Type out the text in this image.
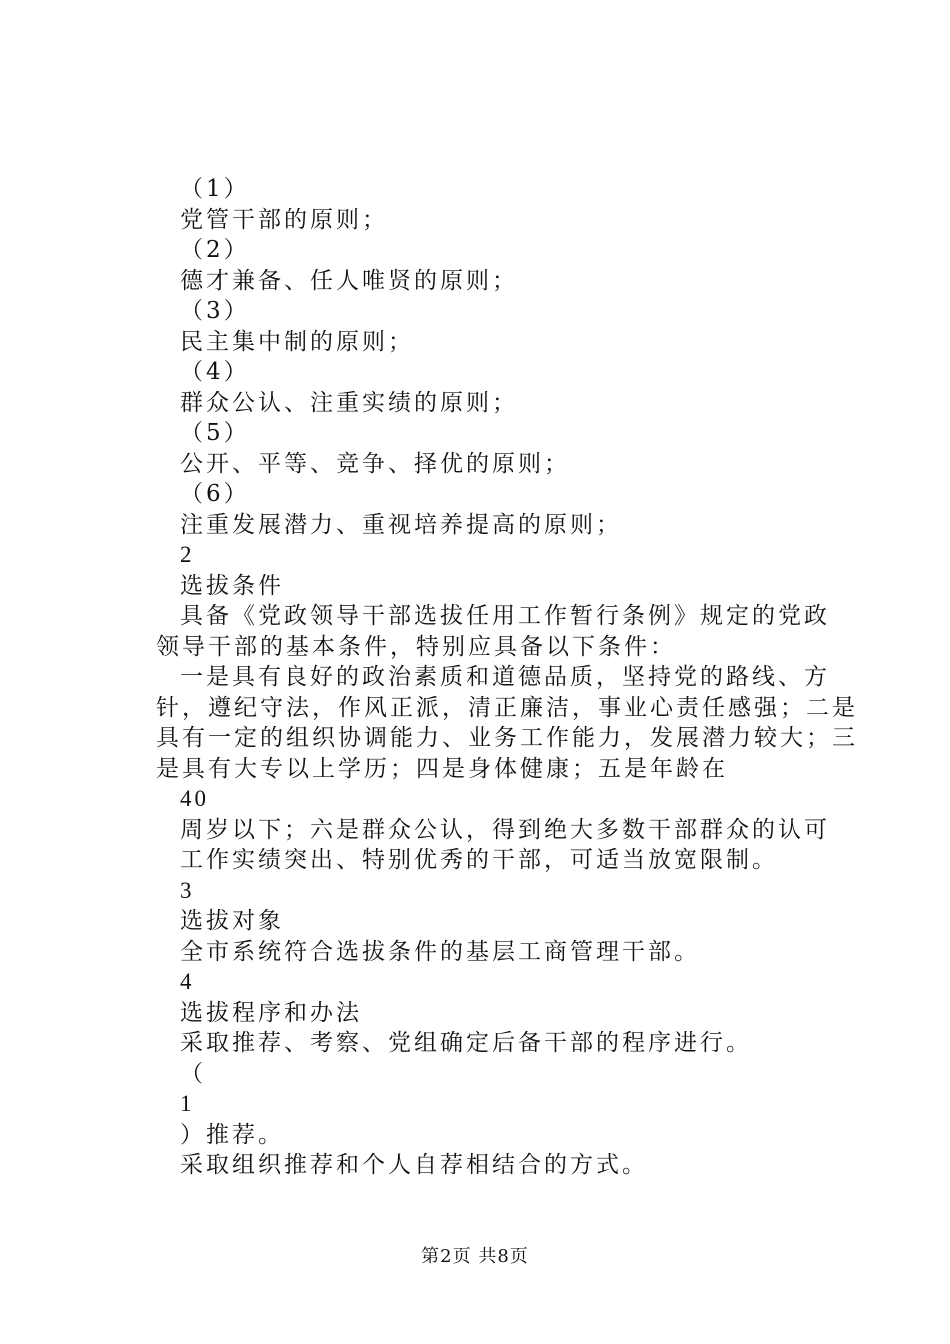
（1）
党管干部的原则；
（2）
德才兼备、任人唯贤的原则；
（3）
民主集中制的原则；
（4）
群众公认、注重实绩的原则；
（5）
公开、平等、竞争、择优的原则；
（6）
注重发展潜力、重视培养提高的原则；
2
选拔条件
具备《党政领导干部选拔任用工作暂行条例》规定的党政
领导干部的基本条件，特别应具备以下条件：
一是具有良好的政治素质和道德品质，坚持党的路线、方
针，遵纪守法，作风正派，清正廉洁，事业心责任感强；二是
具有一定的组织协调能力、业务工作能力，发展潜力较大；三
是具有大专以上学历；四是身体健康；五是年龄在
40
周岁以下；六是群众公认，得到绝大多数干部群众的认可
工作实绩突出、特别优秀的干部，可适当放宽限制。
3
选拔对象
全市系统符合选拔条件的基层工商管理干部。
4
选拔程序和办法
采取推荐、考察、党组确定后备干部的程序进行。
（
1
）推荐。
采取组织推荐和个人自荐相结合的方式。
第2页 共8页
